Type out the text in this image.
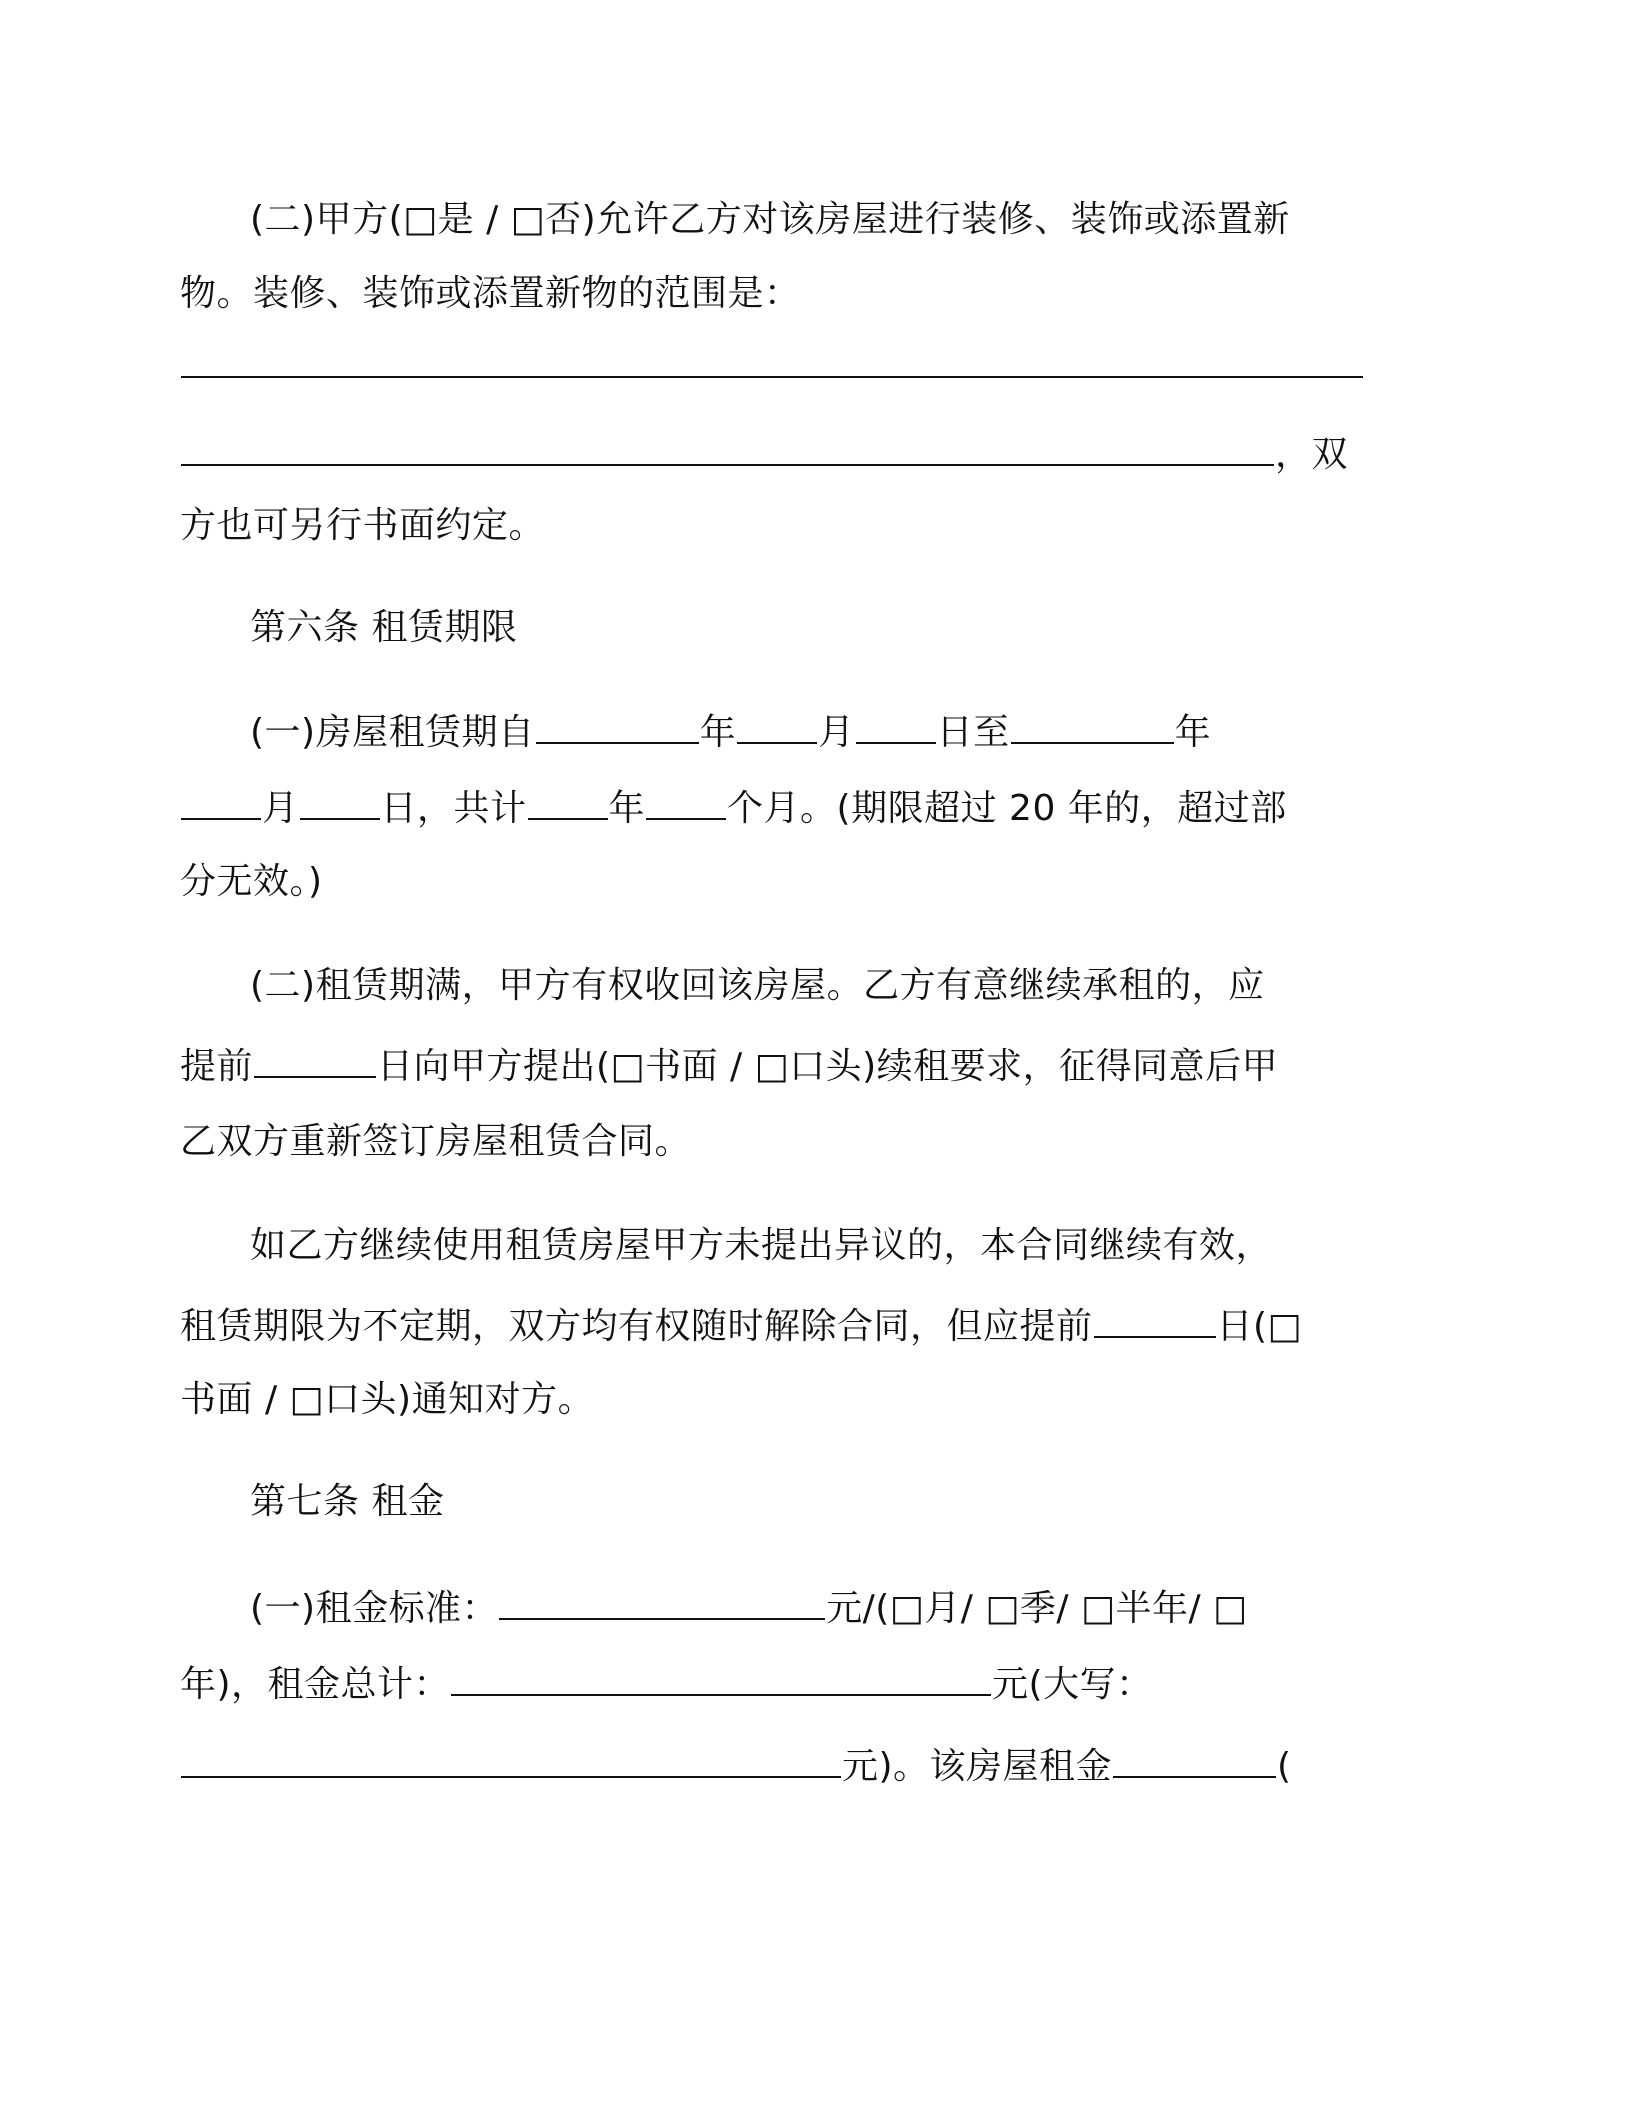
(二)甲方(□是 / □否)允许乙方对该房屋进行装修、装饰或添置新
物。装修、装饰或添置新物的范围是：
，双
方也可另行书面约定。
第六条 租赁期限
(一)房屋租赁期自	年 月 日至	年
月 日，共计 年 个月。(期限超过 20 年的，超过部
分无效。)
(二)租赁期满，甲方有权收回该房屋。乙方有意继续承租的，应
提前	日向甲方提出(□书面 / □口头)续租要求，征得同意后甲
乙双方重新签订房屋租赁合同。
如乙方继续使用租赁房屋甲方未提出异议的，本合同继续有效，
租赁期限为不定期，双方均有权随时解除合同，但应提前	日(□
书面 / □口头)通知对方。
第七条 租金
(一)租金标准：	元/(□月/ □季/ □半年/ □
年)，租金总计：	元(大写：
元)。该房屋租金	(
